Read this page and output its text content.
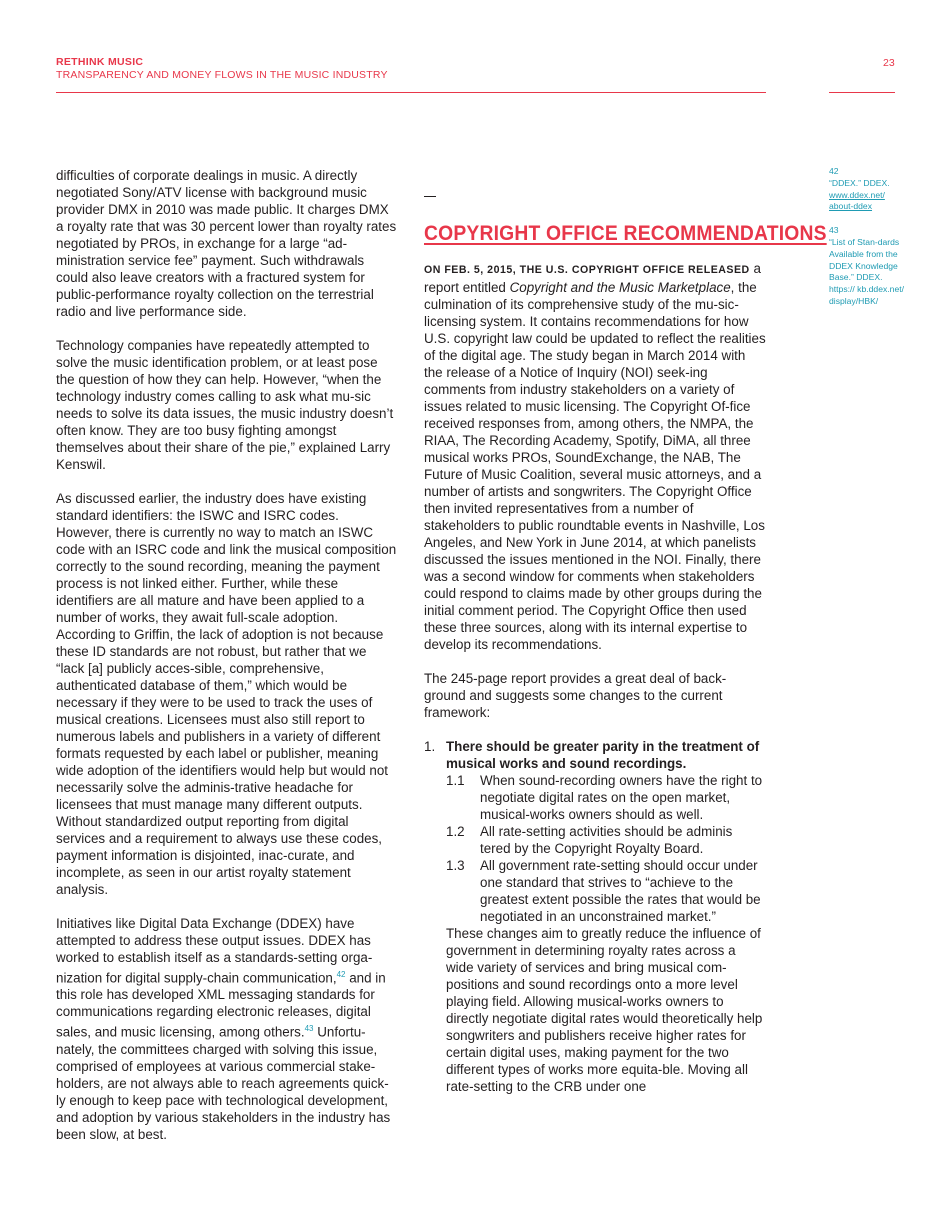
RETHINK MUSIC
TRANSPARENCY AND MONEY FLOWS IN THE MUSIC INDUSTRY
23

difficulties of corporate dealings in music. A directly negotiated Sony/ATV license with background music provider DMX in 2010 was made public. It charges DMX a royalty rate that was 30 percent lower than royalty rates negotiated by PROs, in exchange for a large “ad-ministration service fee” payment. Such withdrawals could also leave creators with a fractured system for public-performance royalty collection on the terrestrial radio and live performance side.

Technology companies have repeatedly attempted to solve the music identification problem, or at least pose the question of how they can help. However, “when the technology industry comes calling to ask what mu-sic needs to solve its data issues, the music industry doesn’t often know. They are too busy fighting amongst themselves about their share of the pie,” explained Larry Kenswil.

As discussed earlier, the industry does have existing standard identifiers: the ISWC and ISRC codes. However, there is currently no way to match an ISWC code with an ISRC code and link the musical composition correctly to the sound recording, meaning the payment process is not linked either. Further, while these identifiers are all mature and have been applied to a number of works, they await full-scale adoption. According to Griffin, the lack of adoption is not because these ID standards are not robust, but rather that we “lack [a] publicly acces-sible, comprehensive, authenticated database of them,” which would be necessary if they were to be used to track the uses of musical creations. Licensees must also still report to numerous labels and publishers in a variety of different formats requested by each label or publisher, meaning wide adoption of the identifiers would help but would not necessarily solve the adminis-trative headache for licensees that must manage many different outputs. Without standardized output reporting from digital services and a requirement to always use these codes, payment information is disjointed, inac-curate, and incomplete, as seen in our artist royalty statement analysis.

Initiatives like Digital Data Exchange (DDEX) have attempted to address these output issues. DDEX has worked to establish itself as a standards-setting orga-nization for digital supply-chain communication,$^{42}$ and in this role has developed XML messaging standards for communications regarding electronic releases, digital sales, and music licensing, among others.$^{43}$ Unfortu-nately, the committees charged with solving this issue, comprised of employees at various commercial stake-holders, are not always able to reach agreements quick-ly enough to keep pace with technological development, and adoption by various stakeholders in the industry has been slow, at best.

COPYRIGHT OFFICE RECOMMENDATIONS

ON FEB. 5, 2015, THE U.S. COPYRIGHT OFFICE RELEASED a report entitled Copyright and the Music Marketplace, the culmination of its comprehensive study of the mu-sic-licensing system. It contains recommendations for how U.S. copyright law could be updated to reflect the realities of the digital age. The study began in March 2014 with the release of a Notice of Inquiry (NOI) seek-ing comments from industry stakeholders on a variety of issues related to music licensing. The Copyright Of-fice received responses from, among others, the NMPA, the RIAA, The Recording Academy, Spotify, DiMA, all three musical works PROs, SoundExchange, the NAB, The Future of Music Coalition, several music attorneys, and a number of artists and songwriters. The Copyright Office then invited representatives from a number of stakeholders to public roundtable events in Nashville, Los Angeles, and New York in June 2014, at which panelists discussed the issues mentioned in the NOI. Finally, there was a second window for comments when stakeholders could respond to claims made by other groups during the initial comment period. The Copyright Office then used these three sources, along with its internal expertise to develop its recommendations.

The 245-page report provides a great deal of back-ground and suggests some changes to the current framework:

1. There should be greater parity in the treatment of musical works and sound recordings.
1.1 When sound-recording owners have the right to negotiate digital rates on the open market, musical-works owners should as well.
1.2 All rate-setting activities should be adminis tered by the Copyright Royalty Board.
1.3 All government rate-setting should occur under one standard that strives to “achieve to the greatest extent possible the rates that would be negotiated in an unconstrained market.”
These changes aim to greatly reduce the influence of government in determining royalty rates across a wide variety of services and bring musical com-positions and sound recordings onto a more level playing field. Allowing musical-works owners to directly negotiate digital rates would theoretically help songwriters and publishers receive higher rates for certain digital uses, making payment for the two different types of works more equita-ble. Moving all rate-setting to the CRB under one
42
“DDEX.” DDEX.
www.ddex.net/
about-ddex
43
“List of Stan-dards Available from the DDEX Knowledge Base.” DDEX. https:// kb.ddex.net/ display/HBK/
